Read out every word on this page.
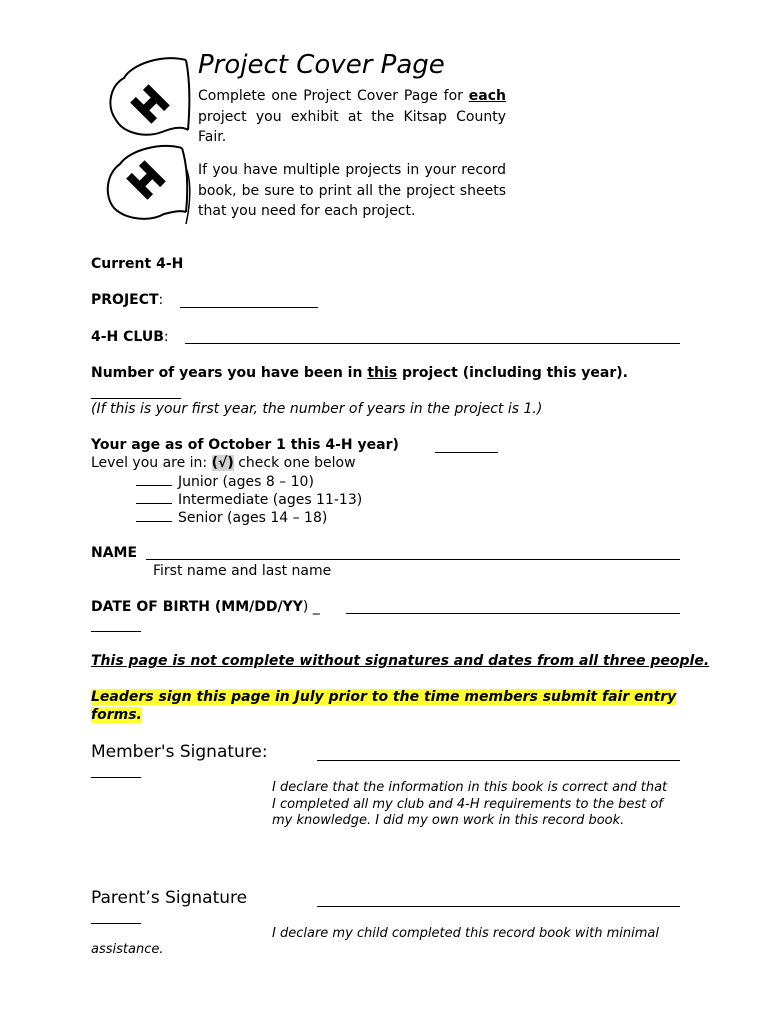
Project Cover Page
Complete one Project Cover Page for each project you exhibit at the Kitsap County Fair.
If you have multiple projects in your record book, be sure to print all the project sheets that you need for each project.
Current 4-H
PROJECT:
4-H CLUB:
Number of years you have been in this project (including this year).
(If this is your first year, the number of years in the project is 1.)
Your age as of October 1 this 4-H year)
Level you are in: (√) check one below
Junior (ages 8 – 10)
Intermediate (ages 11-13)
Senior (ages 14 – 18)
NAME
First name and last name
DATE OF BIRTH (MM/DD/YY) _
This page is not complete without signatures and dates from all three people.
Leaders sign this page in July prior to the time members submit fair entry forms.
Member's Signature:
I declare that the information in this book is correct and that I completed all my club and 4-H requirements to the best of my knowledge. I did my own work in this record book.
Parent’s Signature
I declare my child completed this record book with minimal
assistance.
